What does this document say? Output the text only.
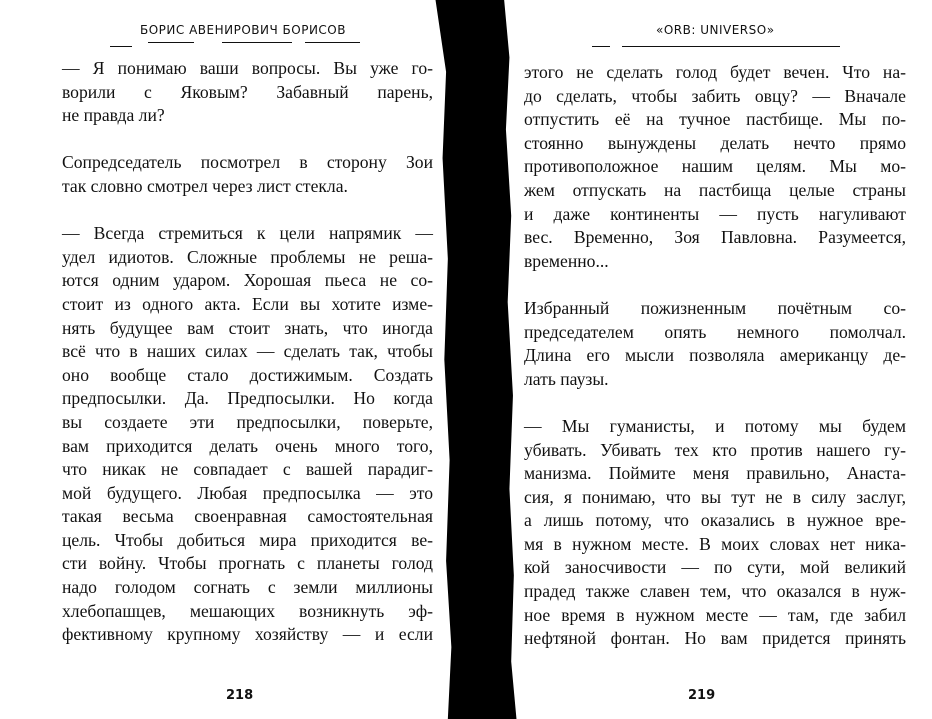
БОРИС АВЕНИРОВИЧ БОРИСОВ	«ORB: UNIVERSO»

— Я понимаю ваши вопросы. Вы уже го-

ворили с Яковым? Забавный парень,

не правда ли?

Сопредседатель посмотрел в сторону Зои

так словно смотрел через лист стекла.

— Всегда стремиться к цели напрямик —

удел идиотов. Сложные проблемы не реша-

ются одним ударом. Хорошая пьеса не со-

стоит из одного акта. Если вы хотите изме-

нять будущее вам стоит знать, что иногда

всё что в наших силах — сделать так, чтобы

оно вообще стало достижимым. Создать

предпосылки. Да. Предпосылки. Но когда

вы создаете эти предпосылки, поверьте,

вам приходится делать очень много того,

что никак не совпадает с вашей парадиг-

мой будущего. Любая предпосылка — это

такая весьма своенравная самостоятельная

цель. Чтобы добиться мира приходится ве-

сти войну. Чтобы прогнать с планеты голод

надо голодом согнать с земли миллионы

хлебопашцев, мешающих возникнуть эф-

фективному крупному хозяйству — и если

этого не сделать голод будет вечен. Что на-

до сделать, чтобы забить овцу? — Вначале

отпустить её на тучное пастбище. Мы по-

стоянно вынуждены делать нечто прямо

противоположное нашим целям. Мы мо-

жем отпускать на пастбища целые страны

и даже континенты — пусть нагуливают

вес. Временно, Зоя Павловна. Разумеется,

временно...

Избранный пожизненным почётным со-

председателем опять немного помолчал.

Длина его мысли позволяла американцу де-

лать паузы.

— Мы гуманисты, и потому мы будем

убивать. Убивать тех кто против нашего гу-

манизма. Поймите меня правильно, Анаста-

сия, я понимаю, что вы тут не в силу заслуг,

а лишь потому, что оказались в нужное вре-

мя в нужном месте. В моих словах нет ника-

кой заносчивости — по сути, мой великий

прадед также славен тем, что оказался в нуж-

ное время в нужном месте — там, где забил

нефтяной фонтан. Но вам придется принять

218	219
